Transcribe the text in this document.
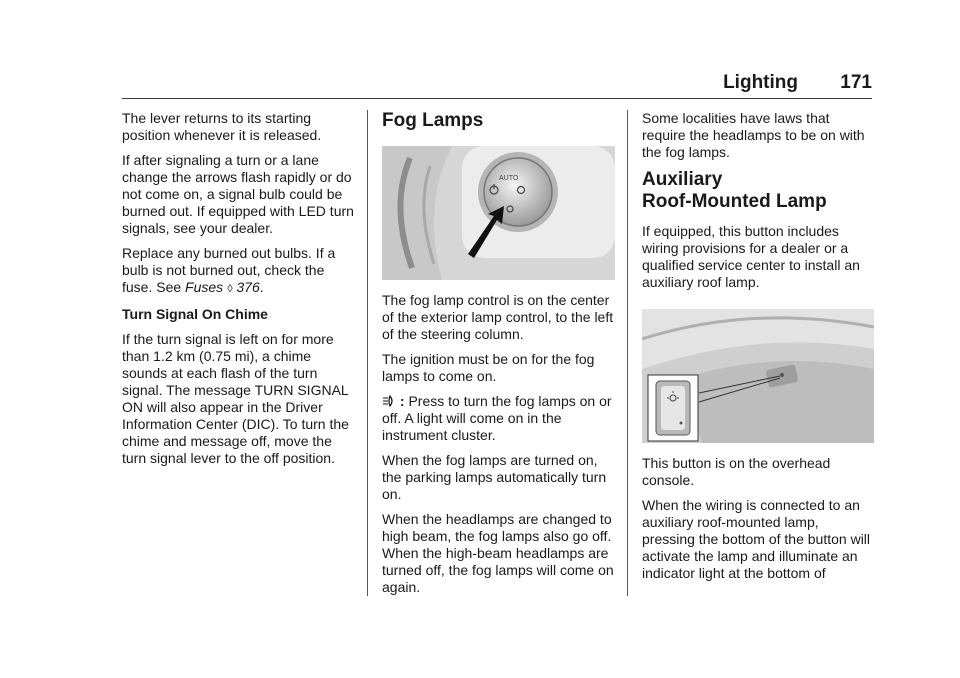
Lighting 171

The lever returns to its starting position whenever it is released.

If after signaling a turn or a lane change the arrows flash rapidly or do not come on, a signal bulb could be burned out. If equipped with LED turn signals, see your dealer.

Replace any burned out bulbs. If a bulb is not burned out, check the fuse. See Fuses ◊ 376.

Turn Signal On Chime

If the turn signal is left on for more than 1.2 km (0.75 mi), a chime sounds at each flash of the turn signal. The message TURN SIGNAL ON will also appear in the Driver Information Center (DIC). To turn the chime and message off, move the turn signal lever to the off position.

Fog Lamps
AUTO

The fog lamp control is on the center of the exterior lamp control, to the left of the steering column.

The ignition must be on for the fog lamps to come on.

: Press to turn the fog lamps on or off. A light will come on in the instrument cluster.

When the fog lamps are turned on, the parking lamps automatically turn on.

When the headlamps are changed to high beam, the fog lamps also go off. When the high-beam headlamps are turned off, the fog lamps will come on again.

Some localities have laws that require the headlamps to be on with the fog lamps.

Auxiliary
Roof-Mounted Lamp

If equipped, this button includes wiring provisions for a dealer or a qualified service center to install an auxiliary roof lamp.

This button is on the overhead console.

When the wiring is connected to an auxiliary roof-mounted lamp, pressing the bottom of the button will activate the lamp and illuminate an indicator light at the bottom of
